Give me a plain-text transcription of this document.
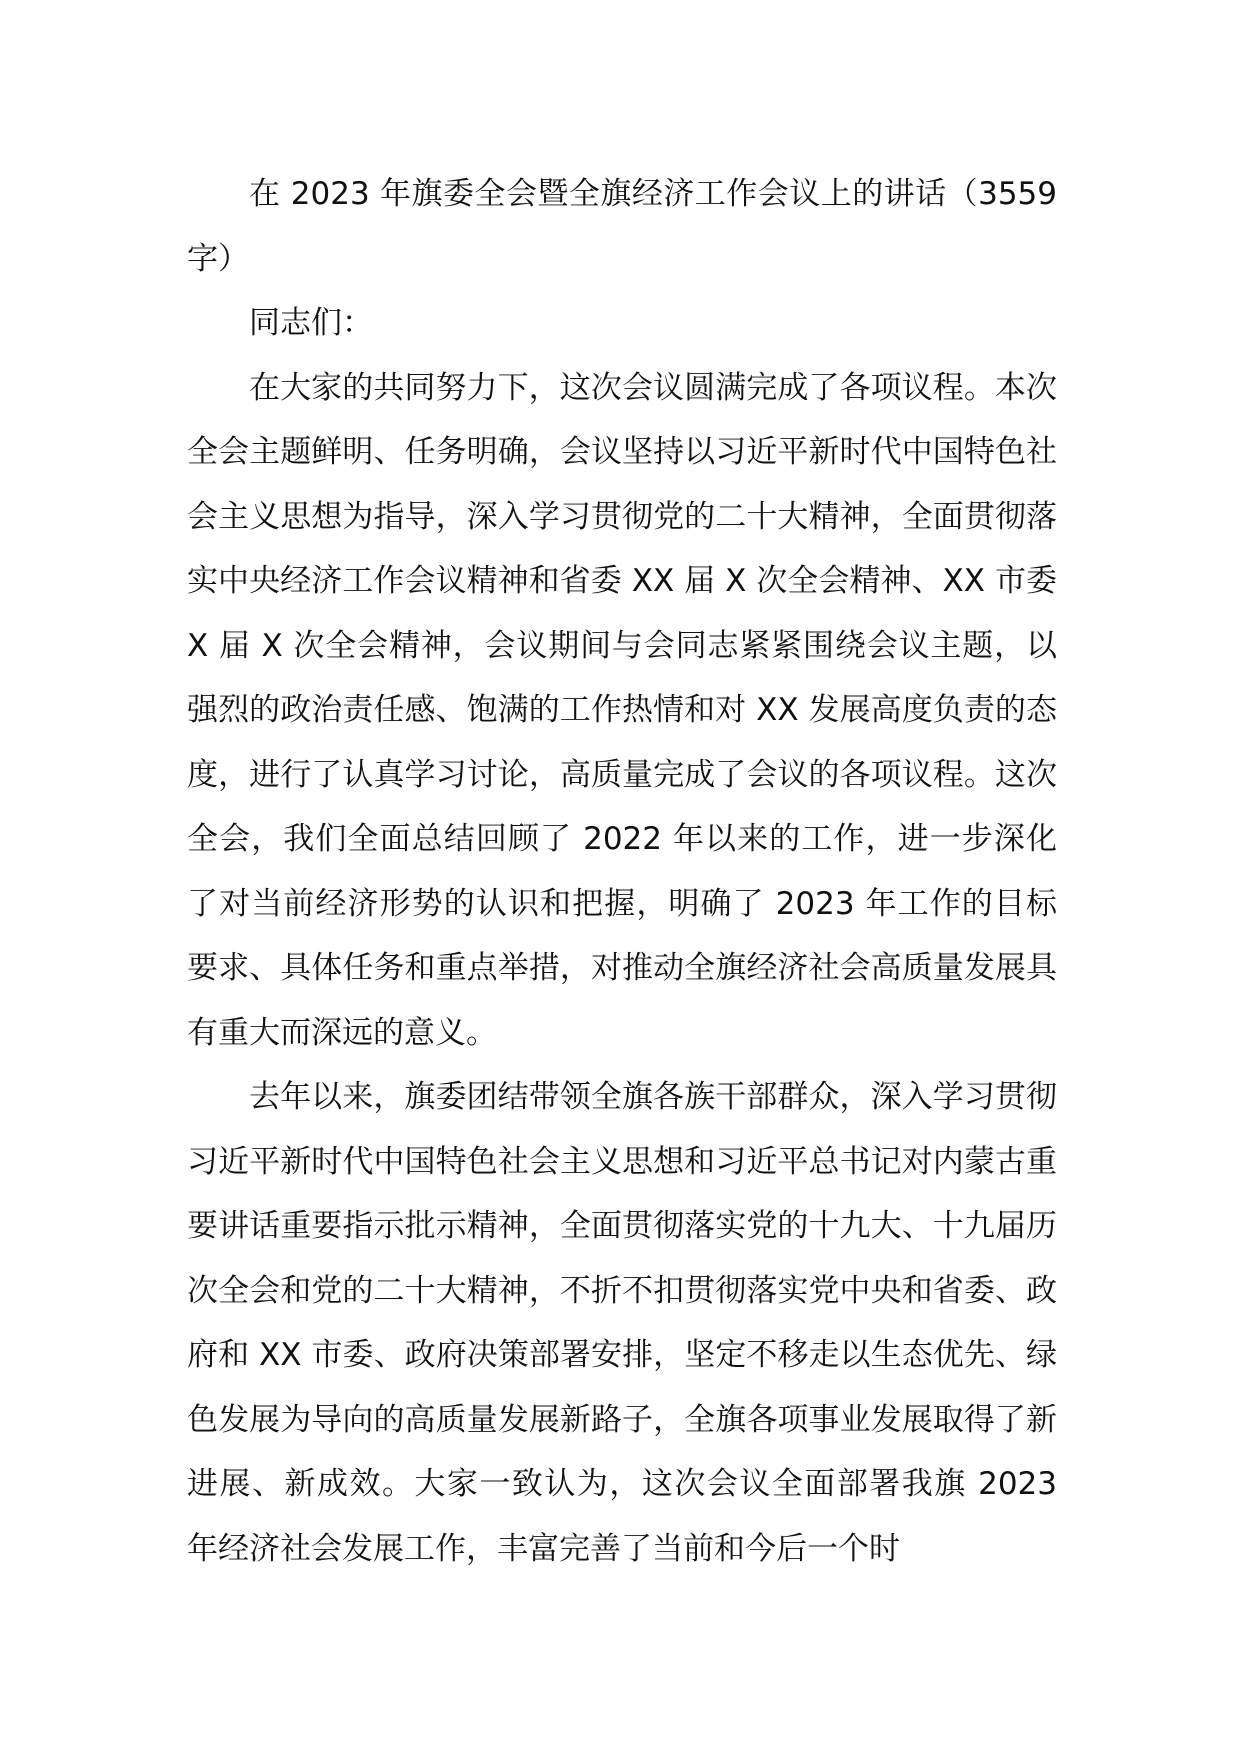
在 2023 年旗委全会暨全旗经济工作会议上的讲话（3559 字）

同志们：

在大家的共同努力下，这次会议圆满完成了各项议程。本次全会主题鲜明、任务明确，会议坚持以习近平新时代中国特色社会主义思想为指导，深入学习贯彻党的二十大精神，全面贯彻落实中央经济工作会议精神和省委 XX 届 X 次全会精神、XX 市委 X 届 X 次全会精神，会议期间与会同志紧紧围绕会议主题，以强烈的政治责任感、饱满的工作热情和对 XX 发展高度负责的态度，进行了认真学习讨论，高质量完成了会议的各项议程。这次全会，我们全面总结回顾了 2022 年以来的工作，进一步深化了对当前经济形势的认识和把握，明确了 2023 年工作的目标要求、具体任务和重点举措，对推动全旗经济社会高质量发展具有重大而深远的意义。

去年以来，旗委团结带领全旗各族干部群众，深入学习贯彻习近平新时代中国特色社会主义思想和习近平总书记对内蒙古重要讲话重要指示批示精神，全面贯彻落实党的十九大、十九届历次全会和党的二十大精神，不折不扣贯彻落实党中央和省委、政府和 XX 市委、政府决策部署安排，坚定不移走以生态优先、绿色发展为导向的高质量发展新路子，全旗各项事业发展取得了新进展、新成效。大家一致认为，这次会议全面部署我旗 2023 年经济社会发展工作，丰富完善了当前和今后一个时
